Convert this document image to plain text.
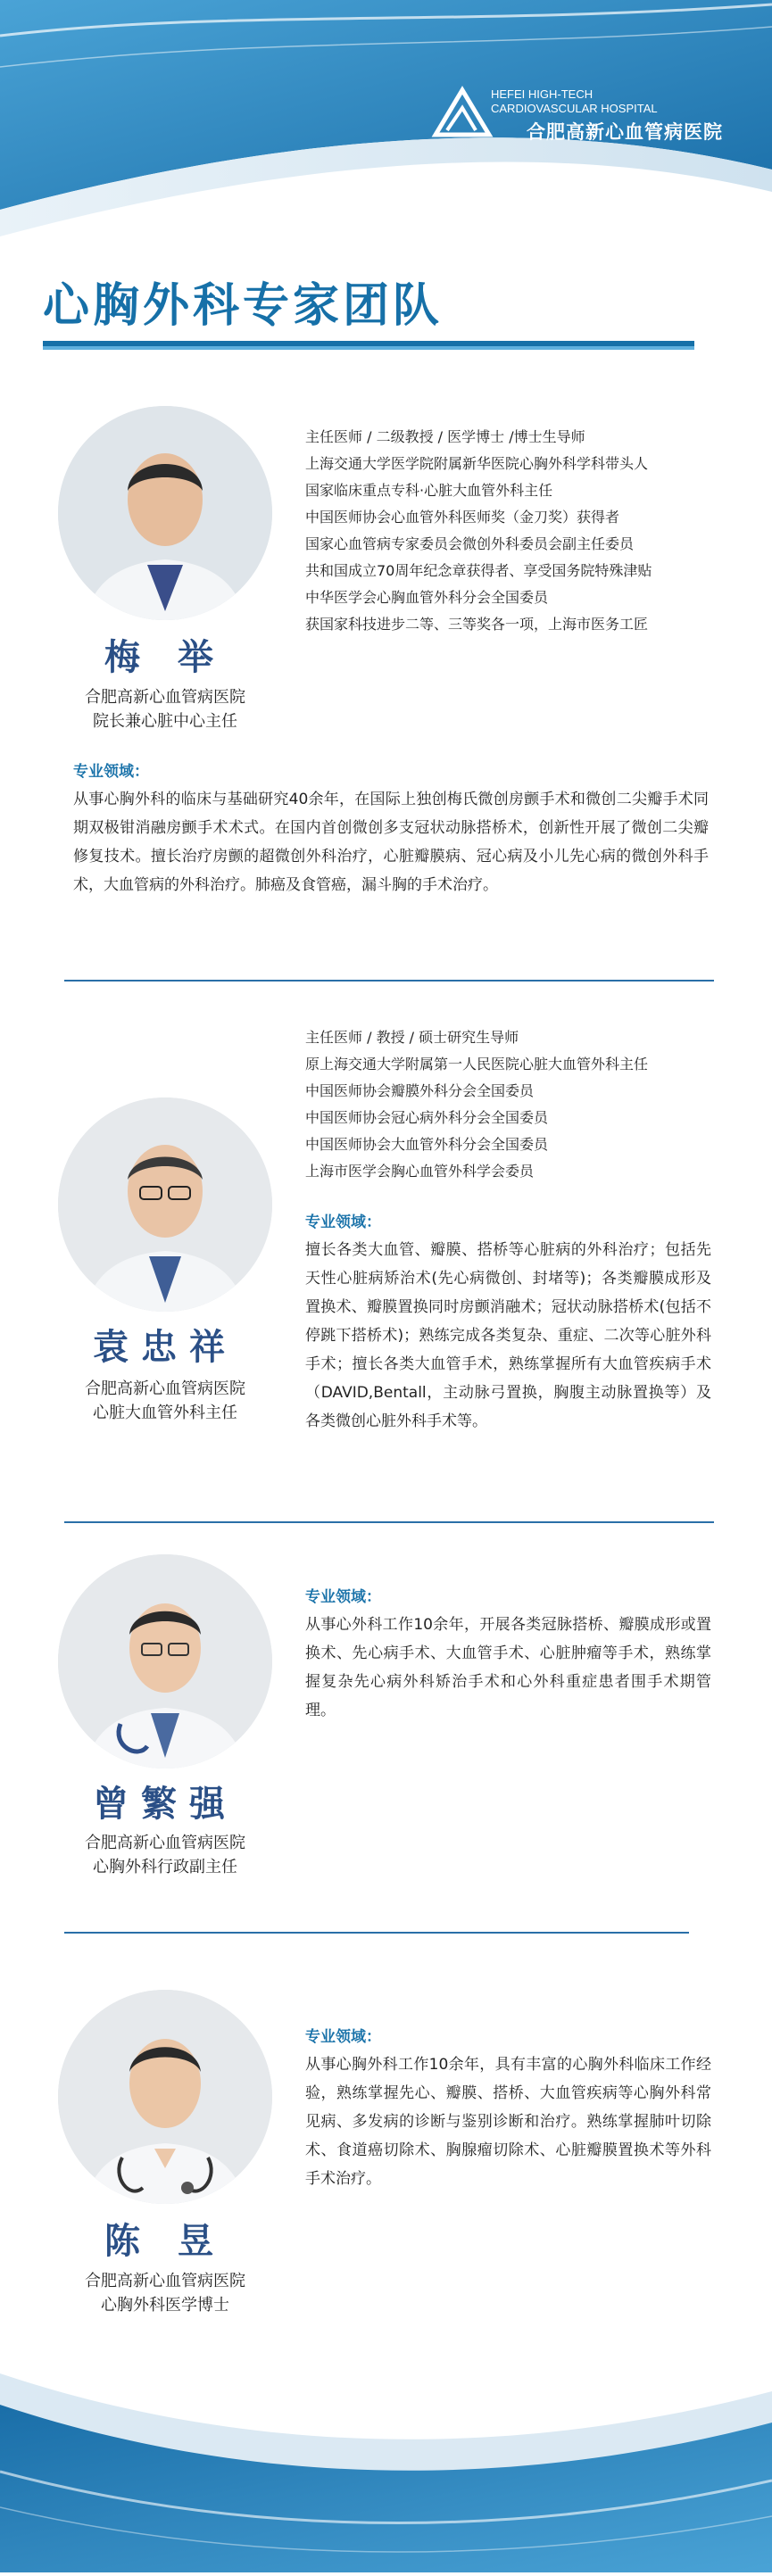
HEFEI HIGH-TECH
CARDIOVASCULAR HOSPITAL
合肥高新心血管病医院
心胸外科专家团队
梅 举
合肥高新心血管病医院
院长兼心脏中心主任
主任医师 / 二级教授 / 医学博士 /博士生导师
上海交通大学医学院附属新华医院心胸外科学科带头人
国家临床重点专科·心脏大血管外科主任
中国医师协会心血管外科医师奖（金刀奖）获得者
国家心血管病专家委员会微创外科委员会副主任委员
共和国成立70周年纪念章获得者、享受国务院特殊津贴
中华医学会心胸血管外科分会全国委员
获国家科技进步二等、三等奖各一项，上海市医务工匠
专业领域：
从事心胸外科的临床与基础研究40余年，在国际上独创梅氏微创房颤手术和微创二尖瓣手术同期双极钳消融房颤手术术式。在国内首创微创多支冠状动脉搭桥术，创新性开展了微创二尖瓣修复技术。擅长治疗房颤的超微创外科治疗，心脏瓣膜病、冠心病及小儿先心病的微创外科手术，大血管病的外科治疗。肺癌及食管癌，漏斗胸的手术治疗。
袁忠祥
合肥高新心血管病医院
心脏大血管外科主任
主任医师 / 教授 / 硕士研究生导师
原上海交通大学附属第一人民医院心脏大血管外科主任
中国医师协会瓣膜外科分会全国委员
中国医师协会冠心病外科分会全国委员
中国医师协会大血管外科分会全国委员
上海市医学会胸心血管外科学会委员
专业领域：
擅长各类大血管、瓣膜、搭桥等心脏病的外科治疗；包括先天性心脏病矫治术(先心病微创、封堵等)；各类瓣膜成形及置换术、瓣膜置换同时房颤消融术；冠状动脉搭桥术(包括不停跳下搭桥术)；熟练完成各类复杂、重症、二次等心脏外科手术；擅长各类大血管手术，熟练掌握所有大血管疾病手术（DAVID,Bentall，主动脉弓置换，胸腹主动脉置换等）及各类微创心脏外科手术等。
曾繁强
合肥高新心血管病医院
心胸外科行政副主任
专业领域：
从事心外科工作10余年，开展各类冠脉搭桥、瓣膜成形或置换术、先心病手术、大血管手术、心脏肿瘤等手术，熟练掌握复杂先心病外科矫治手术和心外科重症患者围手术期管理。
陈 昱
合肥高新心血管病医院
心胸外科医学博士
专业领域：
从事心胸外科工作10余年，具有丰富的心胸外科临床工作经验，熟练掌握先心、瓣膜、搭桥、大血管疾病等心胸外科常见病、多发病的诊断与鉴别诊断和治疗。熟练掌握肺叶切除术、食道癌切除术、胸腺瘤切除术、心脏瓣膜置换术等外科手术治疗。
